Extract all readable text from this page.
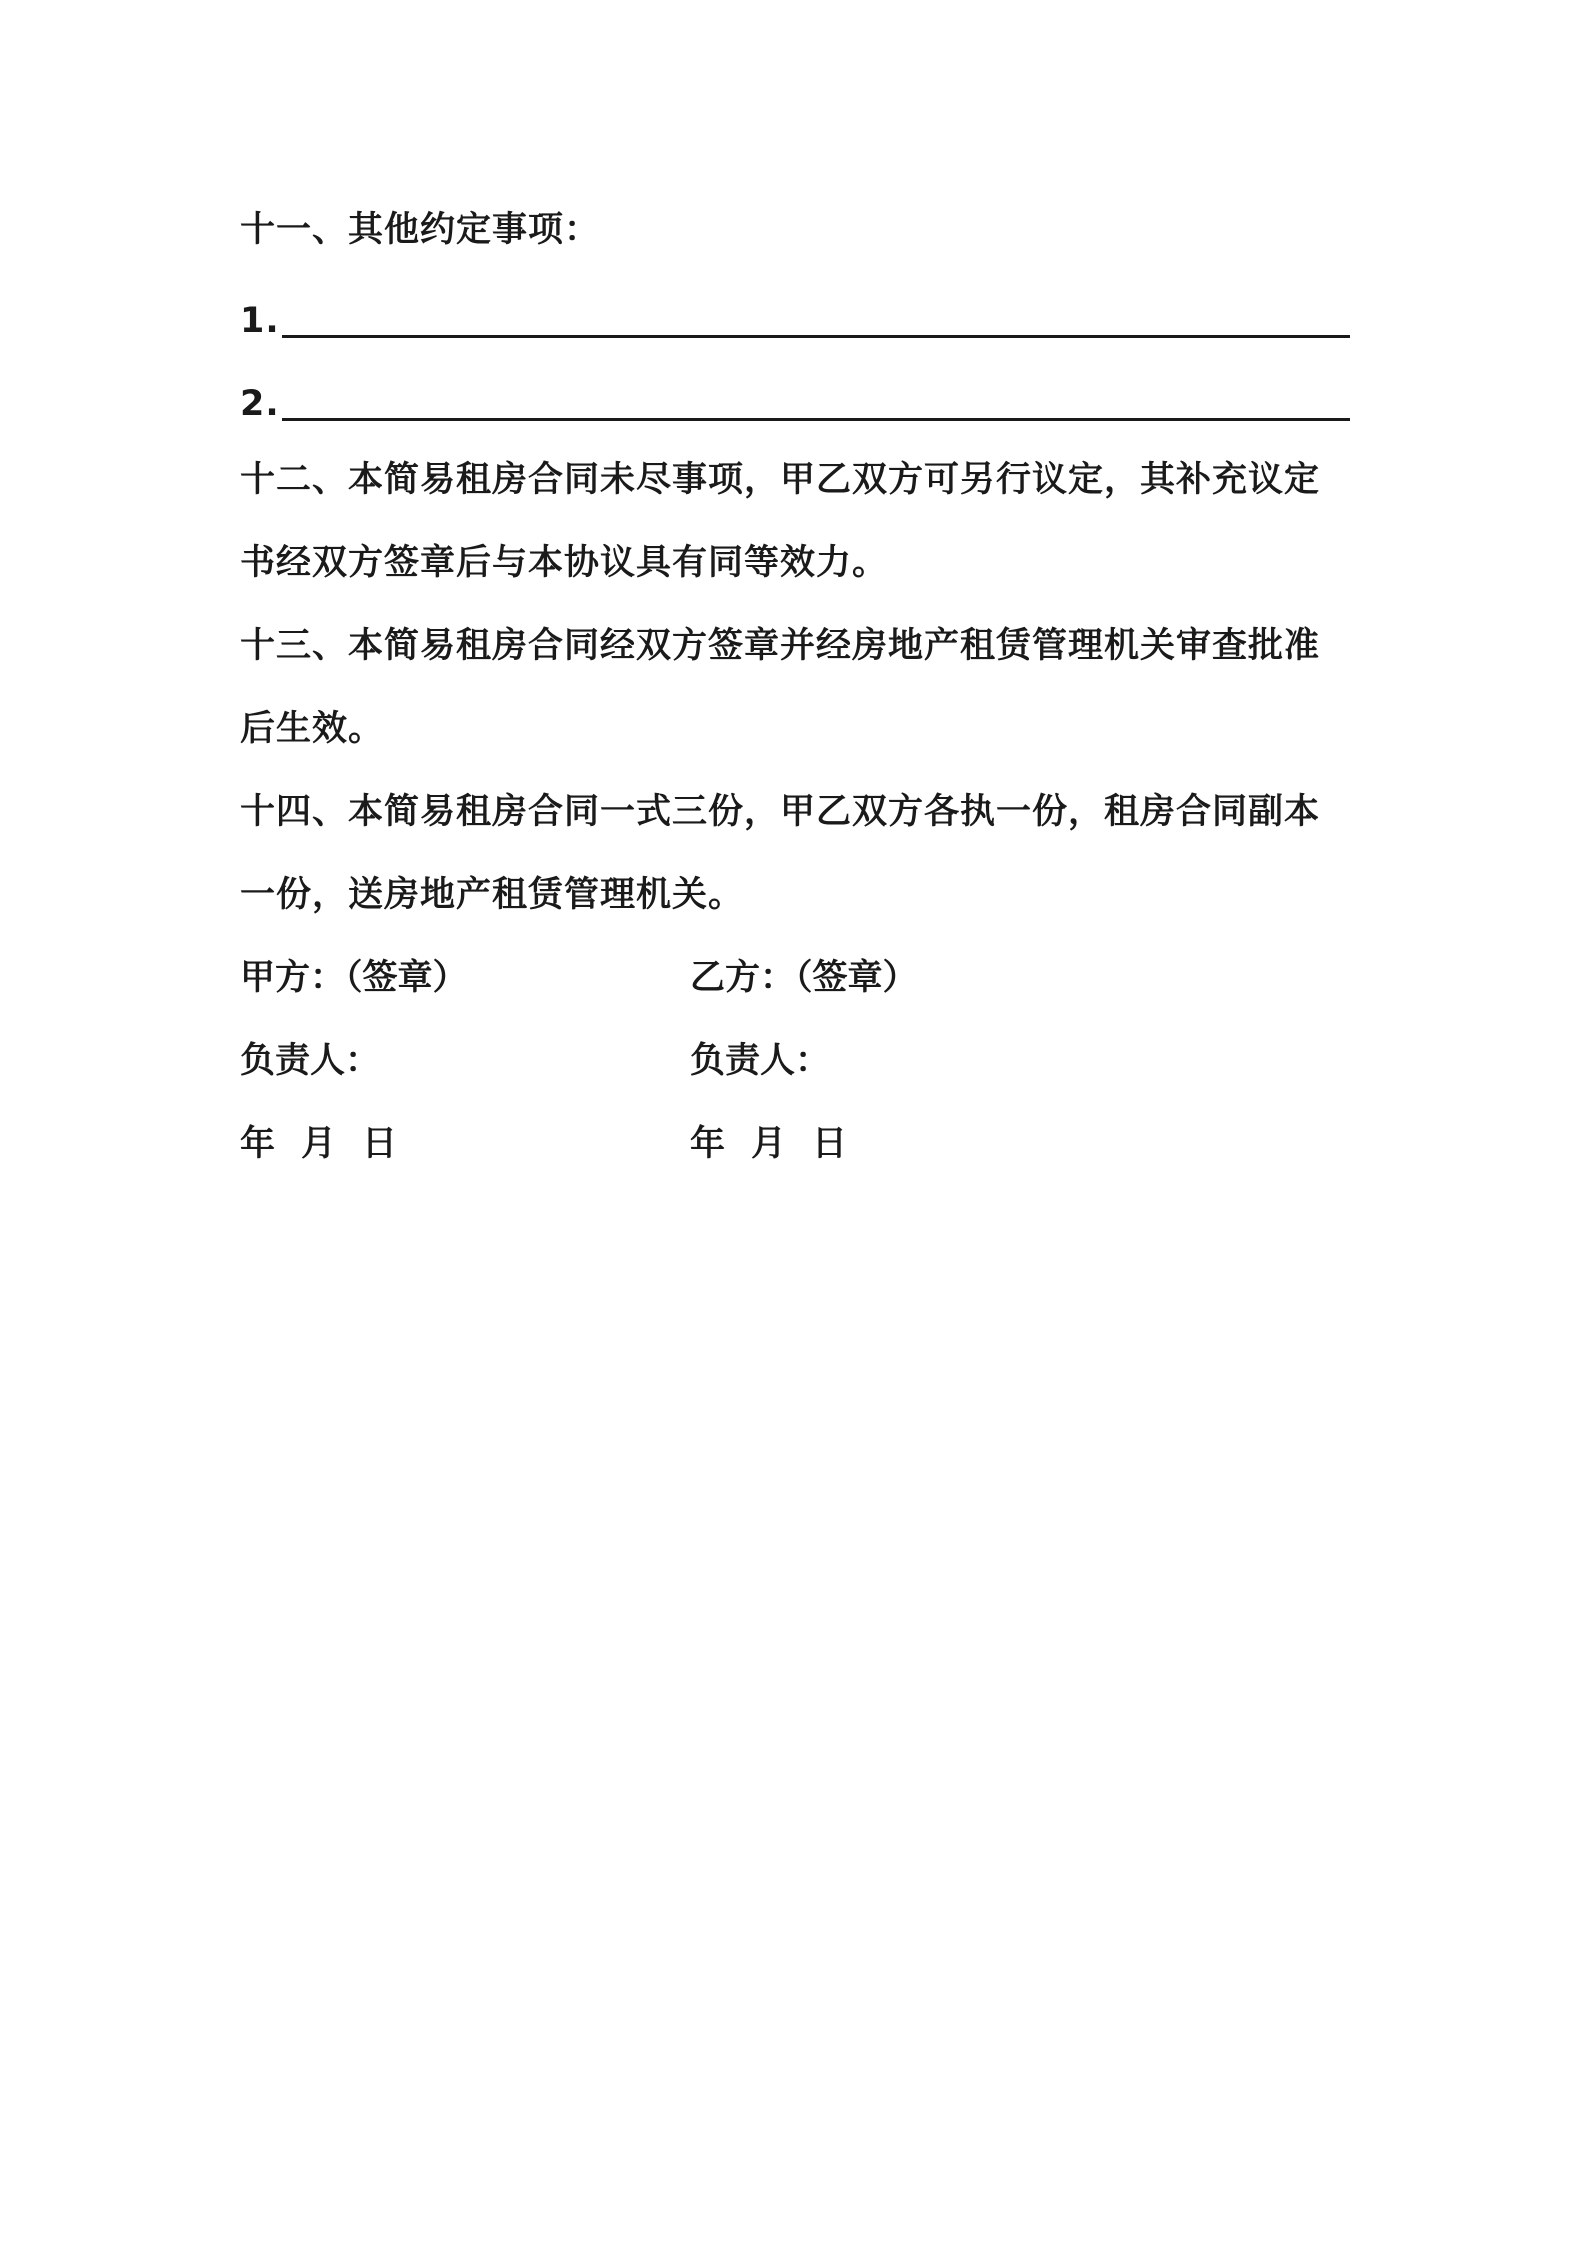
十一、其他约定事项：
1.
2.
十二、本简易租房合同未尽事项，甲乙双方可另行议定，其补充议定
书经双方签章后与本协议具有同等效力。
十三、本简易租房合同经双方签章并经房地产租赁管理机关审查批准
后生效。
十四、本简易租房合同一式三份，甲乙双方各执一份，租房合同副本
一份，送房地产租赁管理机关。
甲方：（签章）	乙方：（签章）
负责人：	负责人：
年 月 日	年 月 日
